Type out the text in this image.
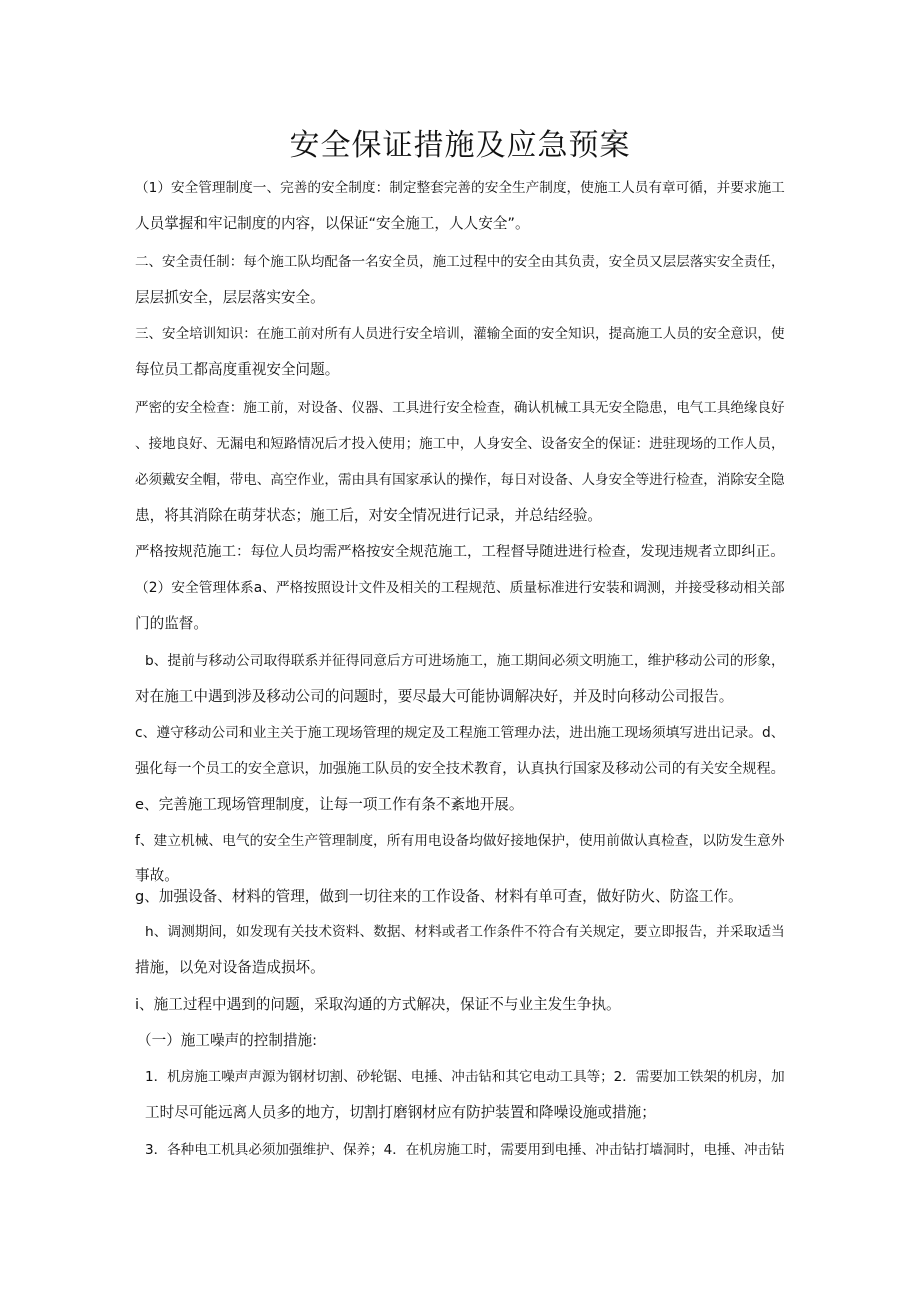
安全保证措施及应急预案
（1）安全管理制度一、完善的安全制度：制定整套完善的安全生产制度，使施工人员有章可循，并要求施工
人员掌握和牢记制度的内容，以保证“安全施工，人人安全”。
二、安全责任制：每个施工队均配备一名安全员，施工过程中的安全由其负责，安全员又层层落实安全责任，
层层抓安全，层层落实安全。
三、安全培训知识：在施工前对所有人员进行安全培训，灌输全面的安全知识，提高施工人员的安全意识，使
每位员工都高度重视安全问题。
严密的安全检查：施工前，对设备、仪器、工具进行安全检查，确认机械工具无安全隐患，电气工具绝缘良好
、接地良好、无漏电和短路情况后才投入使用；施工中，人身安全、设备安全的保证：进驻现场的工作人员，
必须戴安全帽，带电、高空作业，需由具有国家承认的操作，每日对设备、人身安全等进行检查，消除安全隐
患，将其消除在萌芽状态；施工后，对安全情况进行记录，并总结经验。
严格按规范施工：每位人员均需严格按安全规范施工，工程督导随进进行检查，发现违规者立即纠正。
（2）安全管理体系a、严格按照设计文件及相关的工程规范、质量标准进行安装和调测，并接受移动相关部
门的监督。
b、提前与移动公司取得联系并征得同意后方可进场施工，施工期间必须文明施工，维护移动公司的形象，
对在施工中遇到涉及移动公司的问题时，要尽最大可能协调解决好，并及时向移动公司报告。
c、遵守移动公司和业主关于施工现场管理的规定及工程施工管理办法，进出施工现场须填写进出记录。d、
强化每一个员工的安全意识，加强施工队员的安全技术教育，认真执行国家及移动公司的有关安全规程。
e、完善施工现场管理制度，让每一项工作有条不紊地开展。
f、建立机械、电气的安全生产管理制度，所有用电设备均做好接地保护，使用前做认真检查，以防发生意外
事故。
g、加强设备、材料的管理，做到一切往来的工作设备、材料有单可查，做好防火、防盗工作。
h、调测期间，如发现有关技术资料、数据、材料或者工作条件不符合有关规定，要立即报告，并采取适当
措施，以免对设备造成损坏。
i、施工过程中遇到的问题，采取沟通的方式解决，保证不与业主发生争执。
（一）施工噪声的控制措施:
1．机房施工噪声声源为钢材切割、砂轮锯、电捶、冲击钻和其它电动工具等；2．需要加工铁架的机房，加
工时尽可能远离人员多的地方，切割打磨钢材应有防护装置和降噪设施或措施；
3．各种电工机具必须加强维护、保养；4．在机房施工时，需要用到电捶、冲击钻打墙洞时，电捶、冲击钻
